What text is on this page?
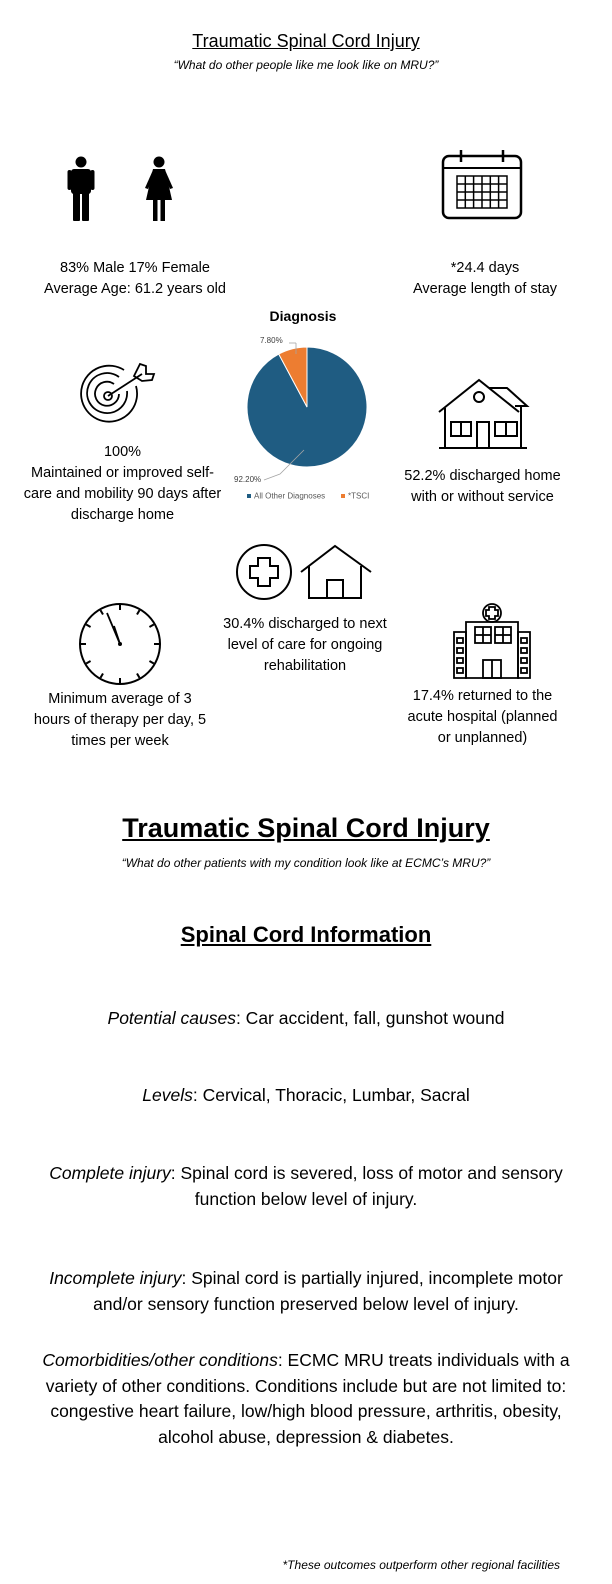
Traumatic Spinal Cord Injury
“What do other people like me look like on MRU?”
83% Male 17% Female
Average Age: 61.2 years old
*24.4 days
Average length of stay
100%
Maintained or improved self-care and mobility 90 days after discharge home
Diagnosis
7.80%
92.20%
All Other Diagnoses	*TSCI
52.2% discharged home with or without service
30.4% discharged to next level of care for ongoing rehabilitation
Minimum average of 3 hours of therapy per day, 5 times per week
17.4% returned to the acute hospital (planned or unplanned)
Traumatic Spinal Cord Injury
“What do other patients with my condition look like at ECMC’s MRU?”
Spinal Cord Information
Potential causes: Car accident, fall, gunshot wound
Levels: Cervical, Thoracic, Lumbar, Sacral
Complete injury: Spinal cord is severed, loss of motor and sensory function below level of injury.
Incomplete injury: Spinal cord is partially injured, incomplete motor and/or sensory function preserved below level of injury.
Comorbidities/other conditions: ECMC MRU treats individuals with a variety of other conditions. Conditions include but are not limited to: congestive heart failure, low/high blood pressure, arthritis, obesity, alcohol abuse, depression & diabetes.
*These outcomes outperform other regional facilities
